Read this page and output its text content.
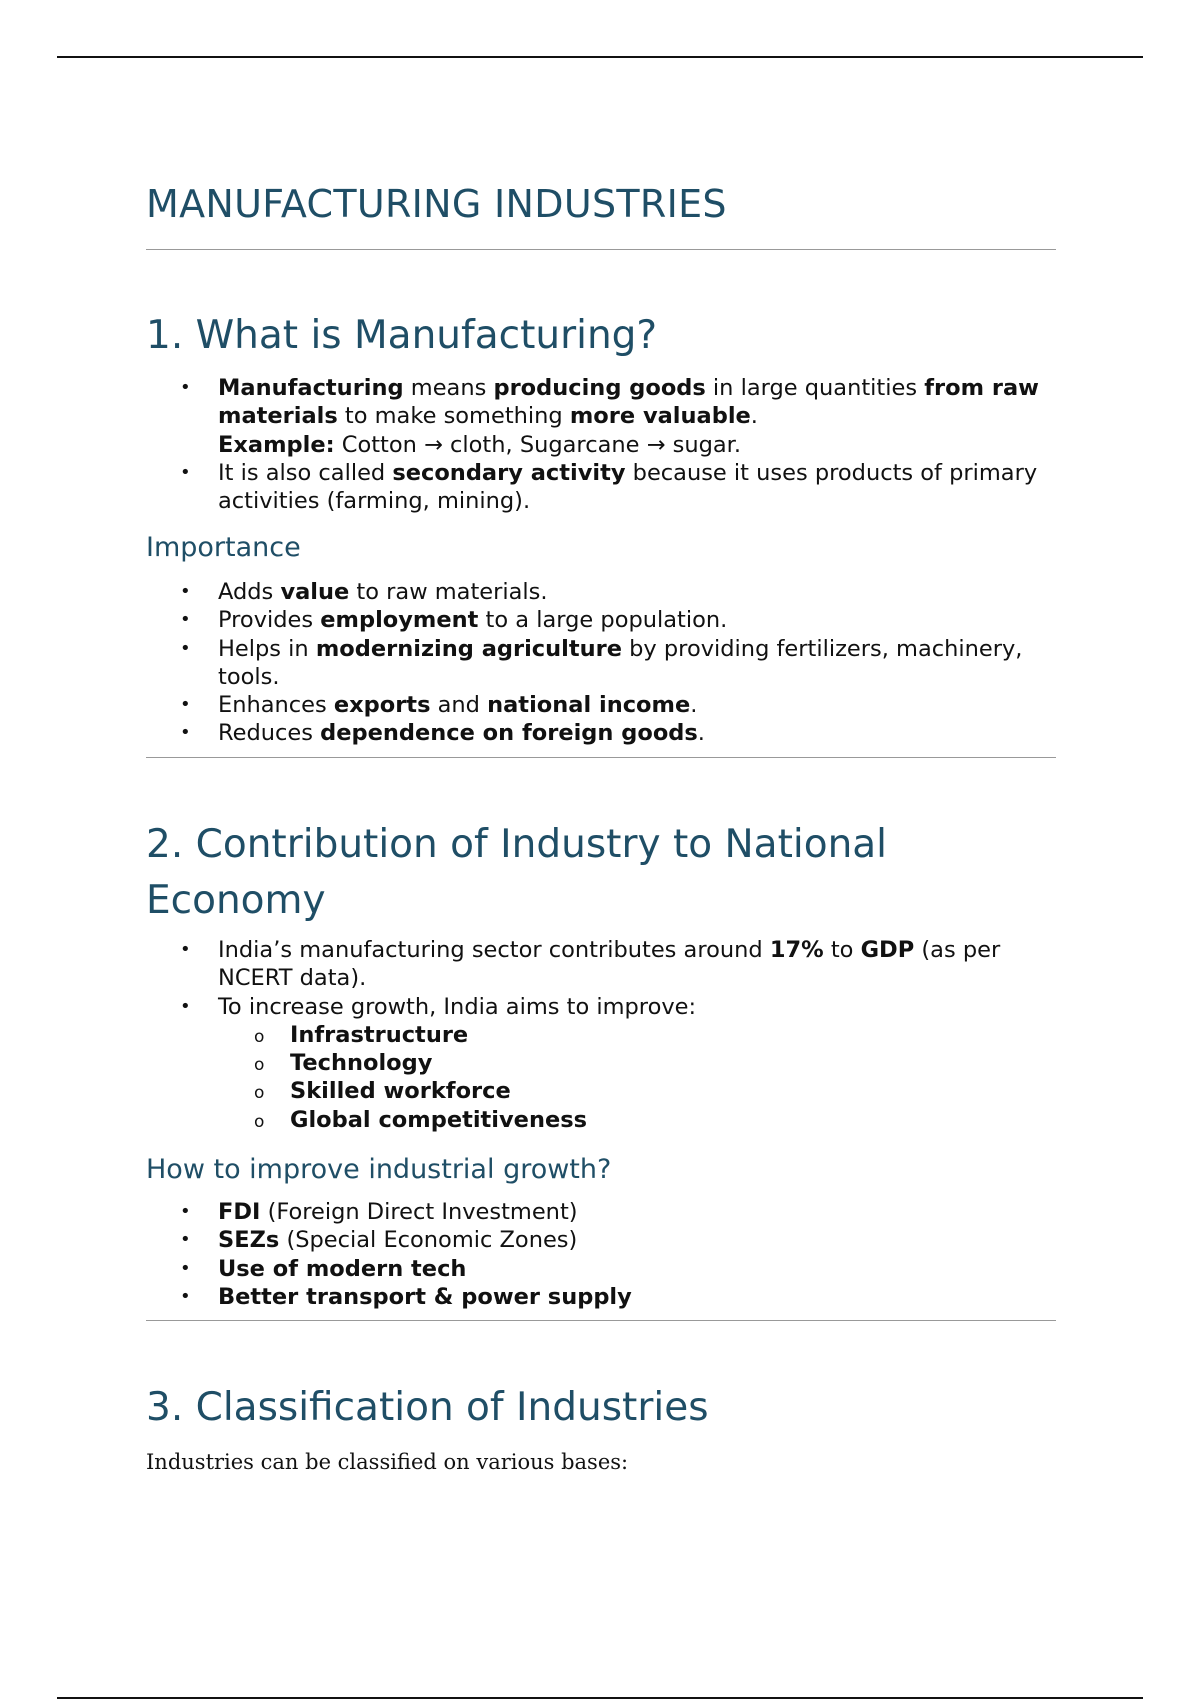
MANUFACTURING INDUSTRIES
1. What is Manufacturing?
• Manufacturing means producing goods in large quantities from raw materials to make something more valuable.
Example: Cotton → cloth, Sugarcane → sugar.
• It is also called secondary activity because it uses products of primary activities (farming, mining).
Importance
• Adds value to raw materials.
• Provides employment to a large population.
• Helps in modernizing agriculture by providing fertilizers, machinery, tools.
• Enhances exports and national income.
• Reduces dependence on foreign goods.
2. Contribution of Industry to National Economy
• India’s manufacturing sector contributes around 17% to GDP (as per NCERT data).
• To increase growth, India aims to improve:
o Infrastructure
o Technology
o Skilled workforce
o Global competitiveness
How to improve industrial growth?
• FDI (Foreign Direct Investment)
• SEZs (Special Economic Zones)
• Use of modern tech
• Better transport & power supply
3. Classification of Industries
Industries can be classified on various bases:
